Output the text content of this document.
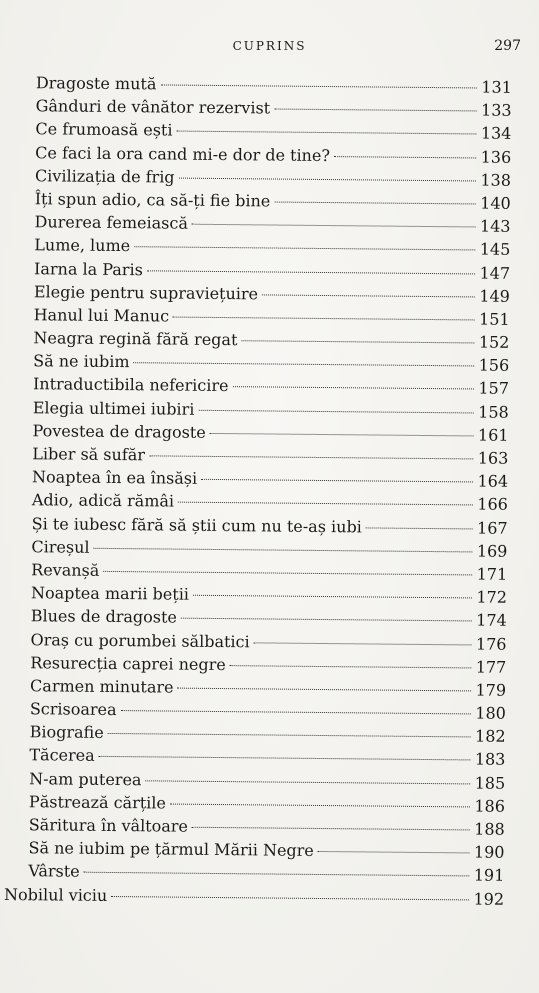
CUPRINS	297
Dragoste mută	131
Gânduri de vânător rezervist	133
Ce frumoasă ești	134
Ce faci la ora cand mi-e dor de tine?	136
Civilizația de frig	138
Îți spun adio, ca să-ți fie bine	140
Durerea femeiască	143
Lume, lume	145
Iarna la Paris	147
Elegie pentru supraviețuire	149
Hanul lui Manuc	151
Neagra regină fără regat	152
Să ne iubim	156
Intraductibila nefericire	157
Elegia ultimei iubiri	158
Povestea de dragoste	161
Liber să sufăr	163
Noaptea în ea însăși	164
Adio, adică rămâi	166
Și te iubesc fără să știi cum nu te-aș iubi	167
Cireșul	169
Revanșă	171
Noaptea marii beții	172
Blues de dragoste	174
Oraș cu porumbei sălbatici	176
Resurecția caprei negre	177
Carmen minutare	179
Scrisoarea	180
Biografie	182
Tăcerea	183
N-am puterea	185
Păstrează cărțile	186
Săritura în vâltoare	188
Să ne iubim pe țărmul Mării Negre	190
Vârste	191
Nobilul viciu	192
